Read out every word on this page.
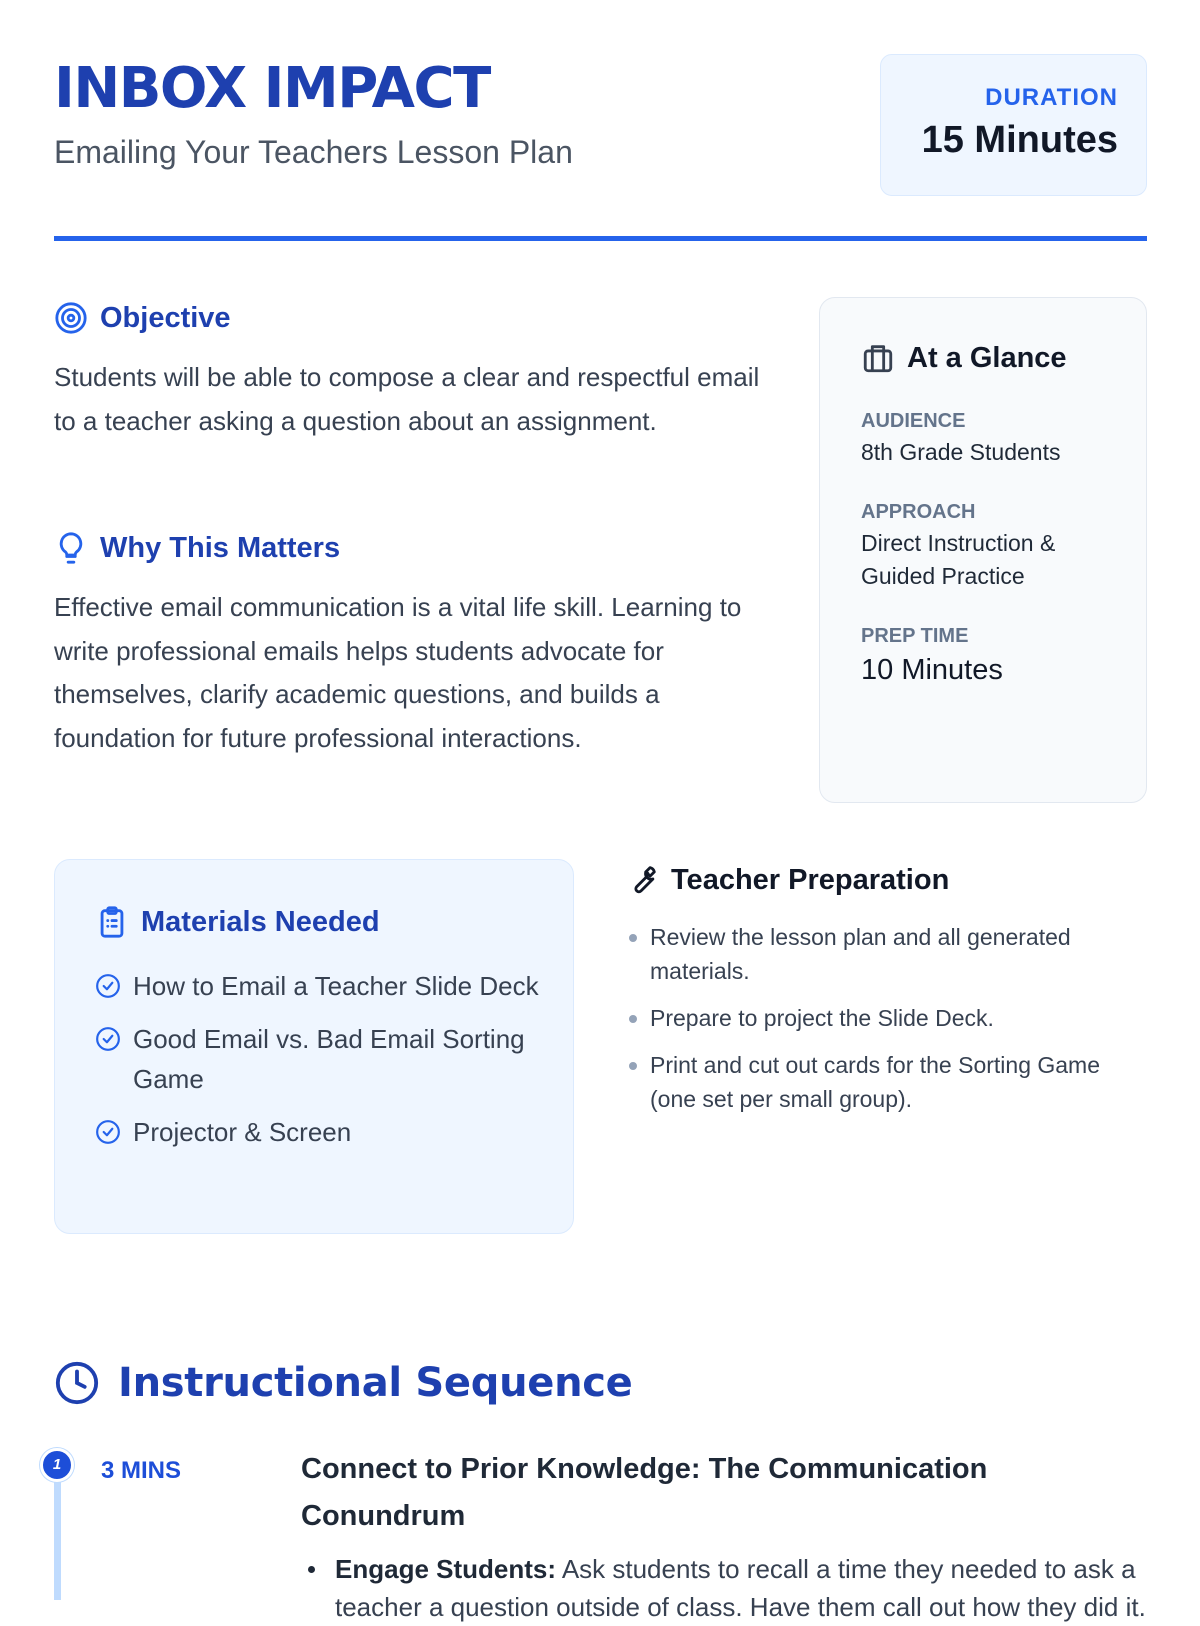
INBOX IMPACT
Emailing Your Teachers Lesson Plan
DURATION
15 Minutes
Objective

Students will be able to compose a clear and respectful email to a teacher asking a question about an assignment.

Why This Matters

Effective email communication is a vital life skill. Learning to write professional emails helps students advocate for themselves, clarify academic questions, and builds a foundation for future professional interactions.

At a Glance
AUDIENCE
8th Grade Students
APPROACH
Direct Instruction & Guided Practice
PREP TIME
10 Minutes
Materials Needed
How to Email a Teacher Slide Deck
Good Email vs. Bad Email Sorting Game
Projector & Screen
Teacher Preparation
Review the lesson plan and all generated materials.
Prepare to project the Slide Deck.
Print and cut out cards for the Sorting Game (one set per small group).
Instructional Sequence
1	3 MINS	Connect to Prior Knowledge: The Communication Conundrum
Engage Students: Ask students to recall a time they needed to ask a teacher a question outside of class. Have them call out how they did it.
